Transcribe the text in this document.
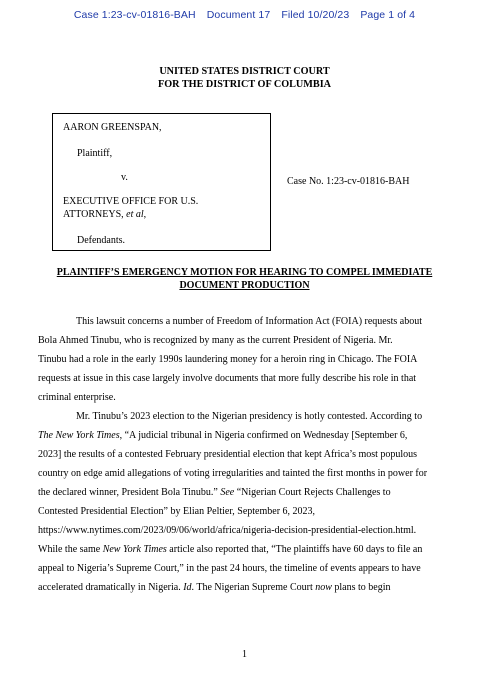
Case 1:23-cv-01816-BAH Document 17 Filed 10/20/23 Page 1 of 4
UNITED STATES DISTRICT COURT
FOR THE DISTRICT OF COLUMBIA
AARON GREENSPAN,
Plaintiff,
v.
EXECUTIVE OFFICE FOR U.S.
ATTORNEYS, et al,
Defendants.
Case No. 1:23-cv-01816-BAH
PLAINTIFF’S EMERGENCY MOTION FOR HEARING TO COMPEL IMMEDIATE
DOCUMENT PRODUCTION
This lawsuit concerns a number of Freedom of Information Act (FOIA) requests about
Bola Ahmed Tinubu, who is recognized by many as the current President of Nigeria. Mr.
Tinubu had a role in the early 1990s laundering money for a heroin ring in Chicago. The FOIA
requests at issue in this case largely involve documents that more fully describe his role in that
criminal enterprise.
Mr. Tinubu’s 2023 election to the Nigerian presidency is hotly contested. According to
The New York Times, “A judicial tribunal in Nigeria confirmed on Wednesday [September 6,
2023] the results of a contested February presidential election that kept Africa’s most populous
country on edge amid allegations of voting irregularities and tainted the first months in power for
the declared winner, President Bola Tinubu.” See “Nigerian Court Rejects Challenges to
Contested Presidential Election” by Elian Peltier, September 6, 2023,
https://www.nytimes.com/2023/09/06/world/africa/nigeria-decision-presidential-election.html.
While the same New York Times article also reported that, “The plaintiffs have 60 days to file an
appeal to Nigeria’s Supreme Court,” in the past 24 hours, the timeline of events appears to have
accelerated dramatically in Nigeria. Id. The Nigerian Supreme Court now plans to begin
1
